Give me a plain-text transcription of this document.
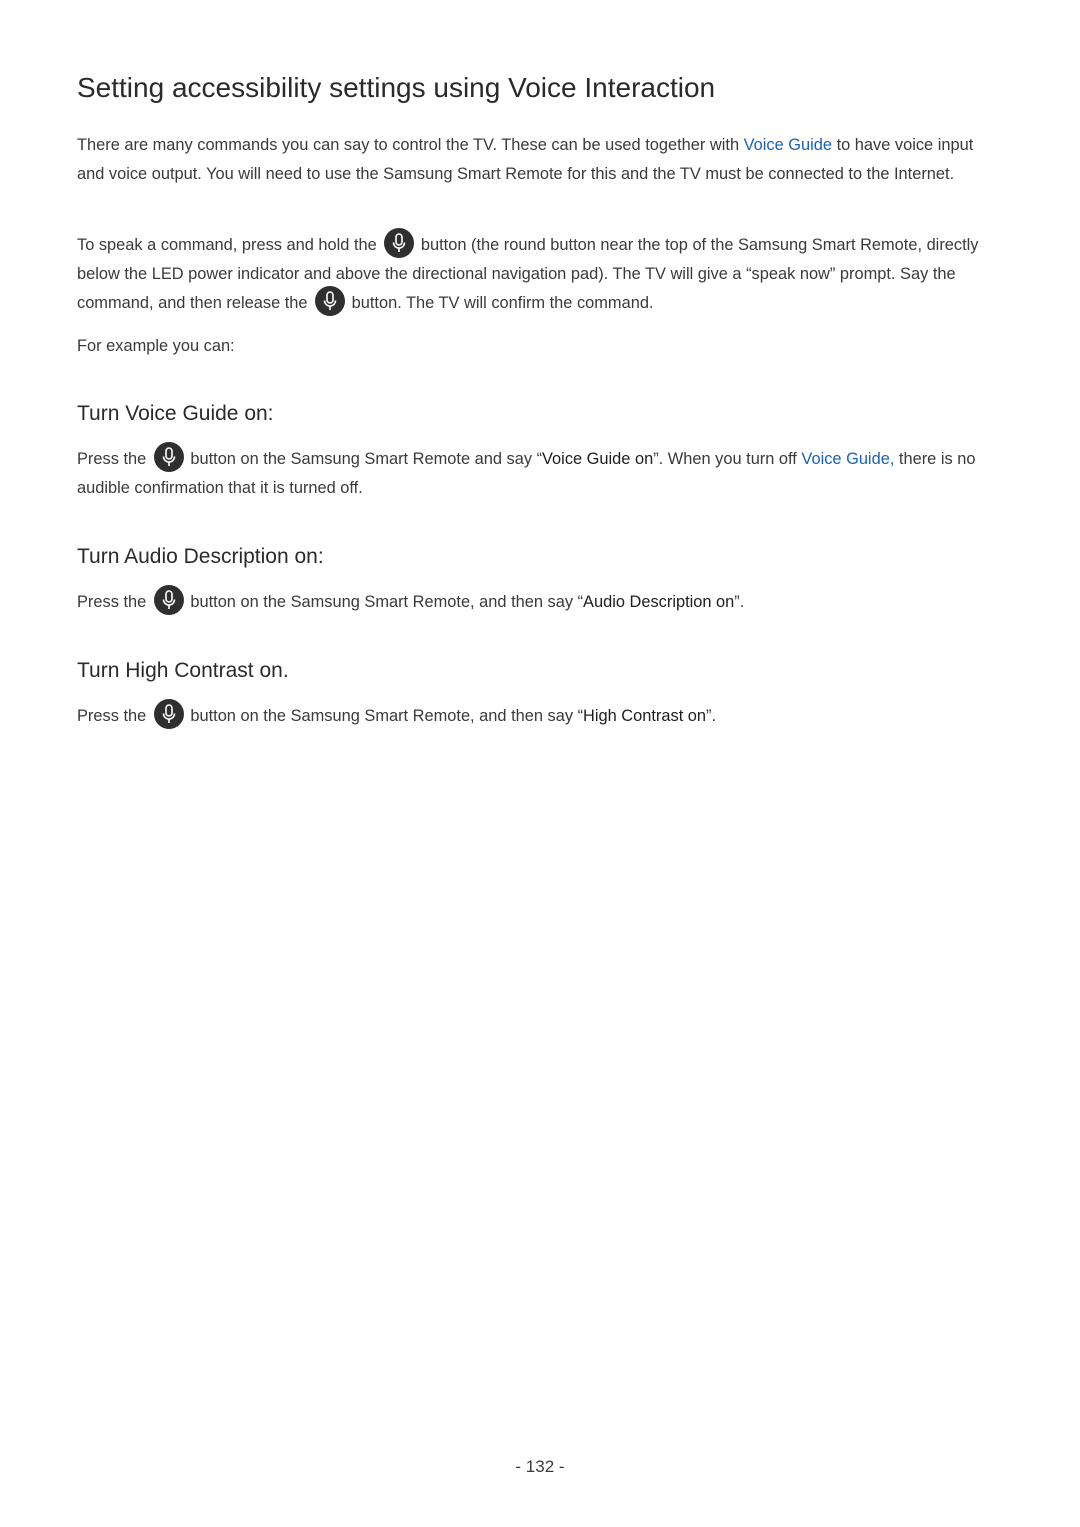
Setting accessibility settings using Voice Interaction

There are many commands you can say to control the TV. These can be used together with Voice Guide to have voice input and voice output. You will need to use the Samsung Smart Remote for this and the TV must be connected to the Internet.

To speak a command, press and hold the
button (the round button near the top of the Samsung Smart Remote, directly below the LED power indicator and above the directional navigation pad). The TV will give a “speak now” prompt. Say the command, and then release the
button. The TV will confirm the command.

For example you can:

Turn Voice Guide on:

Press the
button on the Samsung Smart Remote and say “Voice Guide on”. When you turn off Voice Guide, there is no audible confirmation that it is turned off.

Turn Audio Description on:

Press the
button on the Samsung Smart Remote, and then say “Audio Description on”.

Turn High Contrast on.

Press the
button on the Samsung Smart Remote, and then say “High Contrast on”.

- 132 -
